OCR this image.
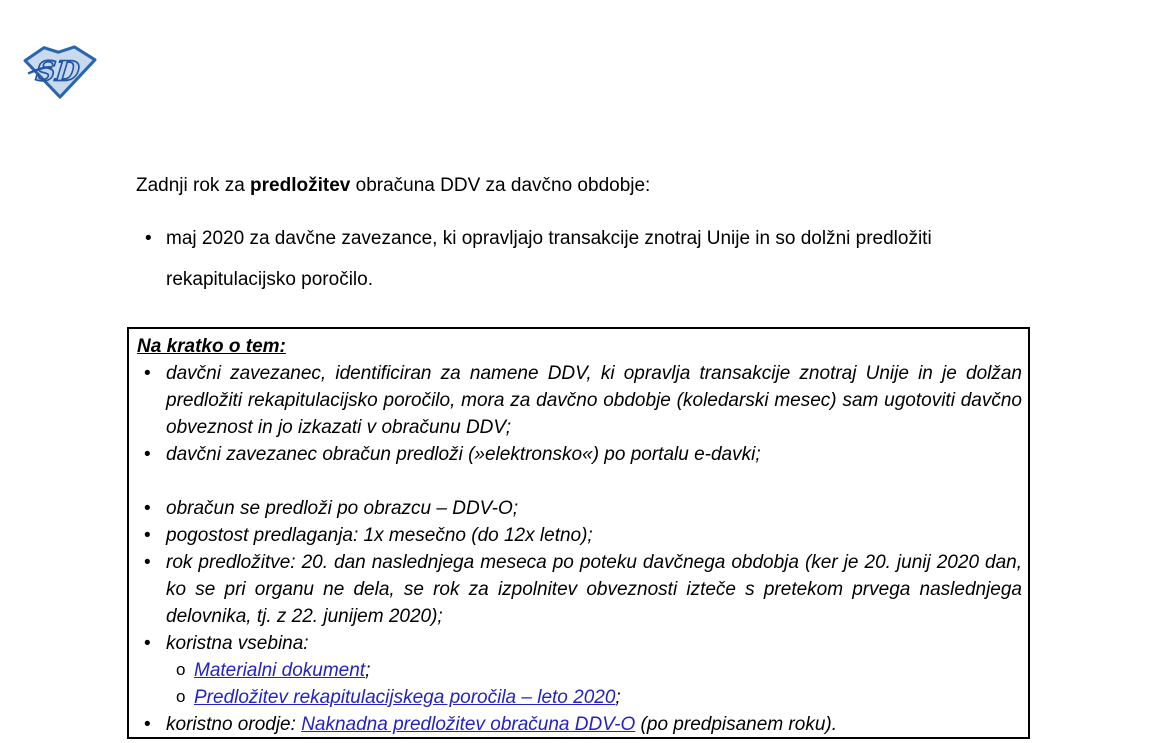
SD
Zadnji rok za predložitev obračuna DDV za davčno obdobje:
• maj 2020 za davčne zavezance, ki opravljajo transakcije znotraj Unije in so dolžni predložiti rekapitulacijsko poročilo.
Na kratko o tem:
• davčni zavezanec, identificiran za namene DDV, ki opravlja transakcije znotraj Unije in je dolžan predložiti rekapitulacijsko poročilo, mora za davčno obdobje (koledarski mesec) sam ugotoviti davčno obveznost in jo izkazati v obračunu DDV;
• davčni zavezanec obračun predloži (»elektronsko«) po portalu e-davki;
• obračun se predloži po obrazcu – DDV-O;
• pogostost predlaganja: 1x mesečno (do 12x letno);
• rok predložitve: 20. dan naslednjega meseca po poteku davčnega obdobja (ker je 20. junij 2020 dan, ko se pri organu ne dela, se rok za izpolnitev obveznosti izteče s pretekom prvega naslednjega delovnika, tj. z 22. junijem 2020);
• koristna vsebina:
o Materialni dokument;
o Predložitev rekapitulacijskega poročila – leto 2020;
• koristno orodje: Naknadna predložitev obračuna DDV-O (po predpisanem roku).
